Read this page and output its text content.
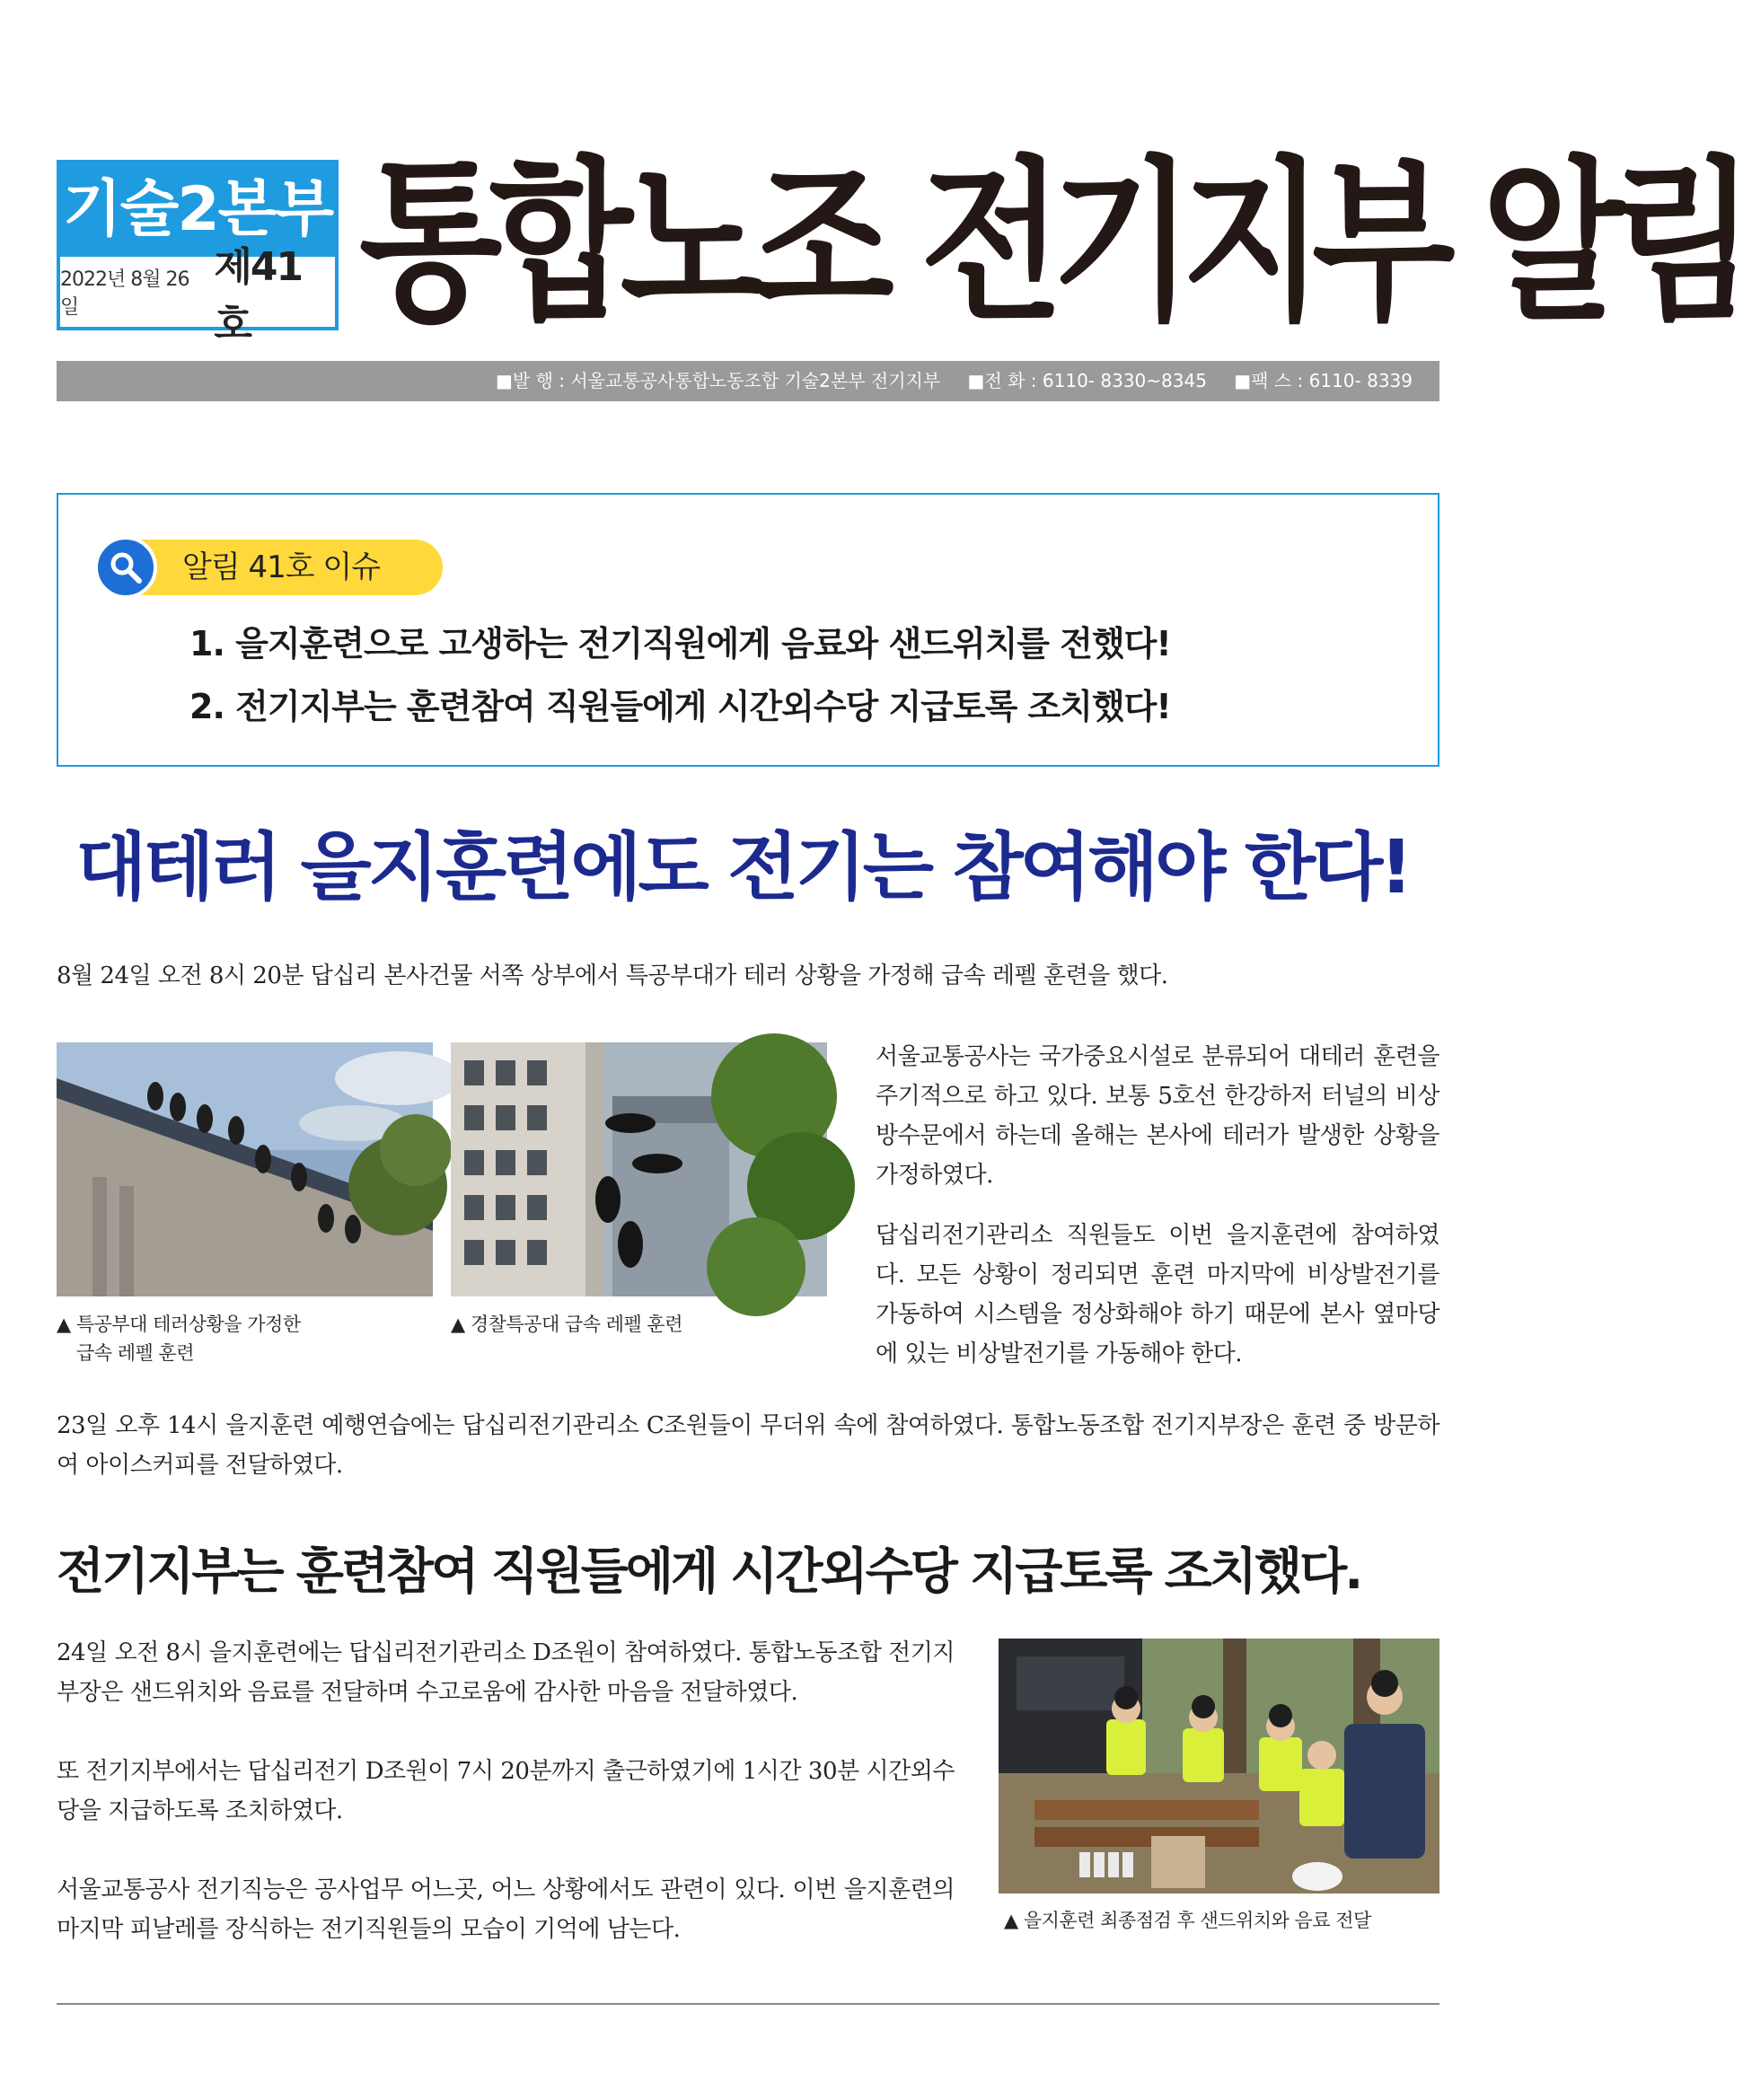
기술2본부
2022년 8월 26일
제41호 통합노조 전기지부 알림
■발 행 : 서울교통공사통합노동조합 기술2본부 전기지부 ■전 화 : 6110- 8330~8345 ■팩 스 : 6110- 8339
알림 41호 이슈
1. 을지훈련으로 고생하는 전기직원에게 음료와 샌드위치를 전했다!
2. 전기지부는 훈련참여 직원들에게 시간외수당 지급토록 조치했다!
대테러 을지훈련에도 전기는 참여해야 한다!
8월 24일 오전 8시 20분 답십리 본사건물 서쪽 상부에서 특공부대가 테러 상황을 가정해 급속 레펠 훈련을 했다.
▲ 특공부대 테러상황을 가정한
급속 레펠 훈련
▲ 경찰특공대 급속 레펠 훈련
서울교통공사는 국가중요시설로 분류되어 대테러 훈련을 주기적으로 하고 있다. 보통 5호선 한강하저 터널의 비상방수문에서 하는데 올해는 본사에 테러가 발생한 상황을 가정하였다.
답십리전기관리소 직원들도 이번 을지훈련에 참여하였다. 모든 상황이 정리되면 훈련 마지막에 비상발전기를 가동하여 시스템을 정상화해야 하기 때문에 본사 옆마당에 있는 비상발전기를 가동해야 한다.
23일 오후 14시 을지훈련 예행연습에는 답십리전기관리소 C조원들이 무더위 속에 참여하였다. 통합노동조합 전기지부장은 훈련 중 방문하여 아이스커피를 전달하였다.
전기지부는 훈련참여 직원들에게 시간외수당 지급토록 조치했다.
24일 오전 8시 을지훈련에는 답십리전기관리소 D조원이 참여하였다. 통합노동조합 전기지부장은 샌드위치와 음료를 전달하며 수고로움에 감사한 마음을 전달하였다.
또 전기지부에서는 답십리전기 D조원이 7시 20분까지 출근하였기에 1시간 30분 시간외수당을 지급하도록 조치하였다.
서울교통공사 전기직능은 공사업무 어느곳, 어느 상황에서도 관련이 있다. 이번 을지훈련의 마지막 피날레를 장식하는 전기직원들의 모습이 기억에 남는다.	▲ 을지훈련 최종점검 후 샌드위치와 음료 전달
